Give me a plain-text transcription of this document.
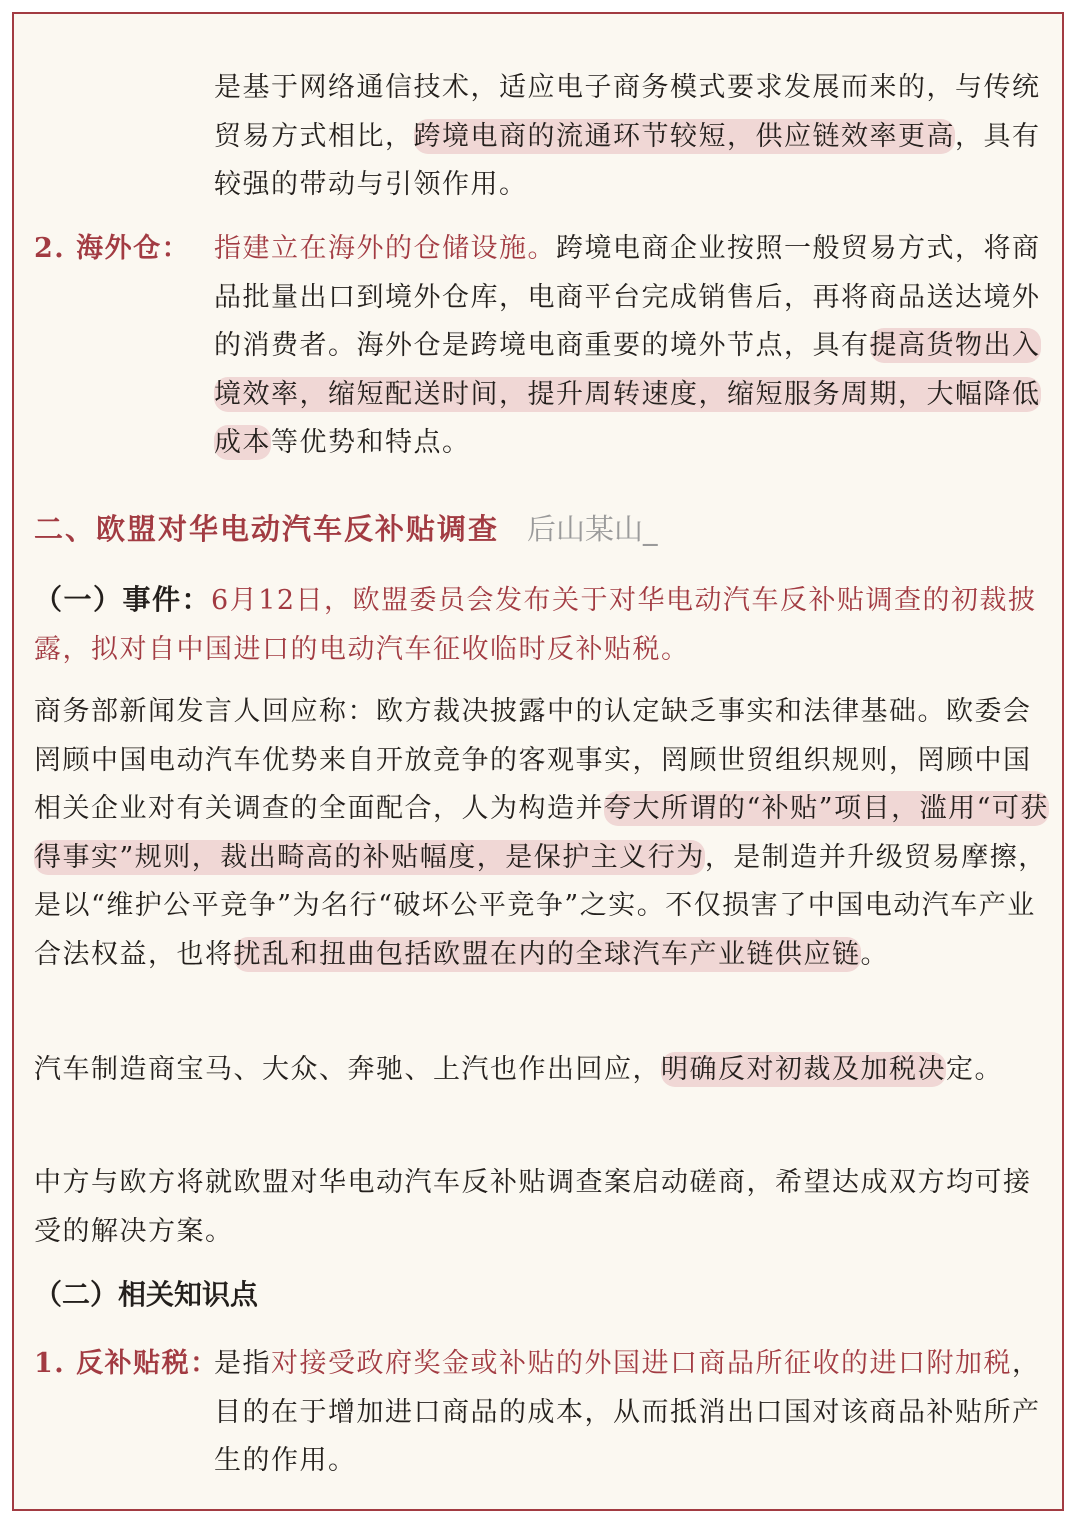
是基于网络通信技术，适应电子商务模式要求发展而来的，与传统贸易方式相比，跨境电商的流通环节较短，供应链效率更高，具有较强的带动与引领作用。
2. 海外仓： 指建立在海外的仓储设施。跨境电商企业按照一般贸易方式，将商品批量出口到境外仓库，电商平台完成销售后，再将商品送达境外的消费者。海外仓是跨境电商重要的境外节点，具有提高货物出入境效率，缩短配送时间，提升周转速度，缩短服务周期，大幅降低成本等优势和特点。
二、欧盟对华电动汽车反补贴调查 后山某山_
（一）事件：6月12日，欧盟委员会发布关于对华电动汽车反补贴调查的初裁披露，拟对自中国进口的电动汽车征收临时反补贴税。
商务部新闻发言人回应称：欧方裁决披露中的认定缺乏事实和法律基础。欧委会罔顾中国电动汽车优势来自开放竞争的客观事实，罔顾世贸组织规则，罔顾中国相关企业对有关调查的全面配合，人为构造并夸大所谓的“补贴”项目，滥用“可获得事实”规则，裁出畸高的补贴幅度，是保护主义行为，是制造并升级贸易摩擦，是以“维护公平竞争”为名行“破坏公平竞争”之实。不仅损害了中国电动汽车产业合法权益，也将扰乱和扭曲包括欧盟在内的全球汽车产业链供应链。
汽车制造商宝马、大众、奔驰、上汽也作出回应，明确反对初裁及加税决定。
中方与欧方将就欧盟对华电动汽车反补贴调查案启动磋商，希望达成双方均可接受的解决方案。
（二）相关知识点
1. 反补贴税：
是指对接受政府奖金或补贴的外国进口商品所征收的进口附加税，目的在于增加进口商品的成本，从而抵消出口国对该商品补贴所产生的作用。
